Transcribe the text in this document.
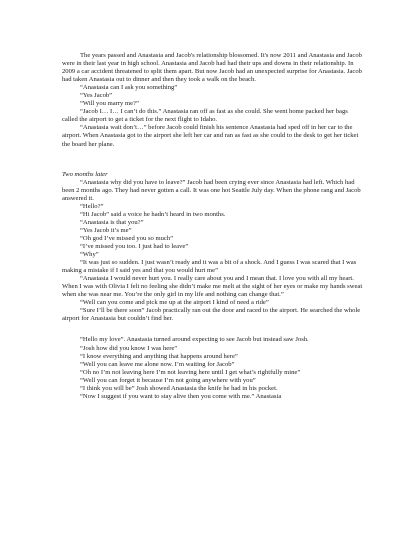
The years passed and Anastasia and Jacob's relationship blossomed. It's now 2011 and Anastasia and Jacob were in their last year in high school. Anastasia and Jacob had had their ups and downs in their relationship. In 2009 a car accident threatened to split them apart. But now Jacob had an unexpected surprise for Anastasia. Jacob had taken Anastasia out to dinner and then they took a walk on the beach.

“Anastasia can I ask you something”

“Yes Jacob”

“Will you marry me?”

“Jacob I… I… I can’t do this.” Anastasia ran off as fast as she could. She went home packed her bags called the airport to get a ticket for the next flight to Idaho.

“Anastasia wait don’t…” before Jacob could finish his sentence Anastasia had sped off in her car to the airport. When Anastasia got to the airport she left her car and ran as fast as she could to the desk to get her ticket the board her plane.

Two months later

“Anastasia why did you have to leave?” Jacob had been crying ever since Anastasia had left. Which had been 2 months ago. They had never gotten a call. It was one hot Seattle July day. When the phone rang and Jacob answered it.

“Hello?”

“Hi Jacob” said a voice he hadn’t heard in two months.

“Anastasia is that you?”

“Yes Jacob it’s me”

“Oh god I’ve missed you so much”

“I’ve missed you too. I just had to leave”

“Why”

“It was just so sudden. I just wasn’t ready and it was a bit of a shock. And I guess I was scared that I was making a mistake if I said yes and that you would hurt me”

“Anastasia I would never hurt you. I really care about you and I mean that. I love you with all my heart. When I was with Olivia I felt no feeling she didn’t make me melt at the sight of her eyes or make my hands sweat when she was near me. You’re the only girl in my life and nothing can change that.”

“Well can you come and pick me up at the airport I kind of need a ride”

“Sure I’ll be there soon” Jacob practically ran out the door and raced to the airport. He searched the whole airport for Anastasia but couldn’t find her.

“Hello my love”. Anastasia turned around expecting to see Jacob but instead saw Josh.

“Josh how did you know I was here”

“I know everything and anything that happens around here”

“Well you can leave me alone now. I’m waiting for Jacob”

“Oh no I’m not leaving here I’m not leaving here until I get what’s rightfully mine”

“Well you can forget it because I’m not going anywhere with you”

“I think you will be” Josh showed Anastasia the knife he had in his pocket.

“Now I suggest if you want to stay alive then you come with me.” Anastasia
